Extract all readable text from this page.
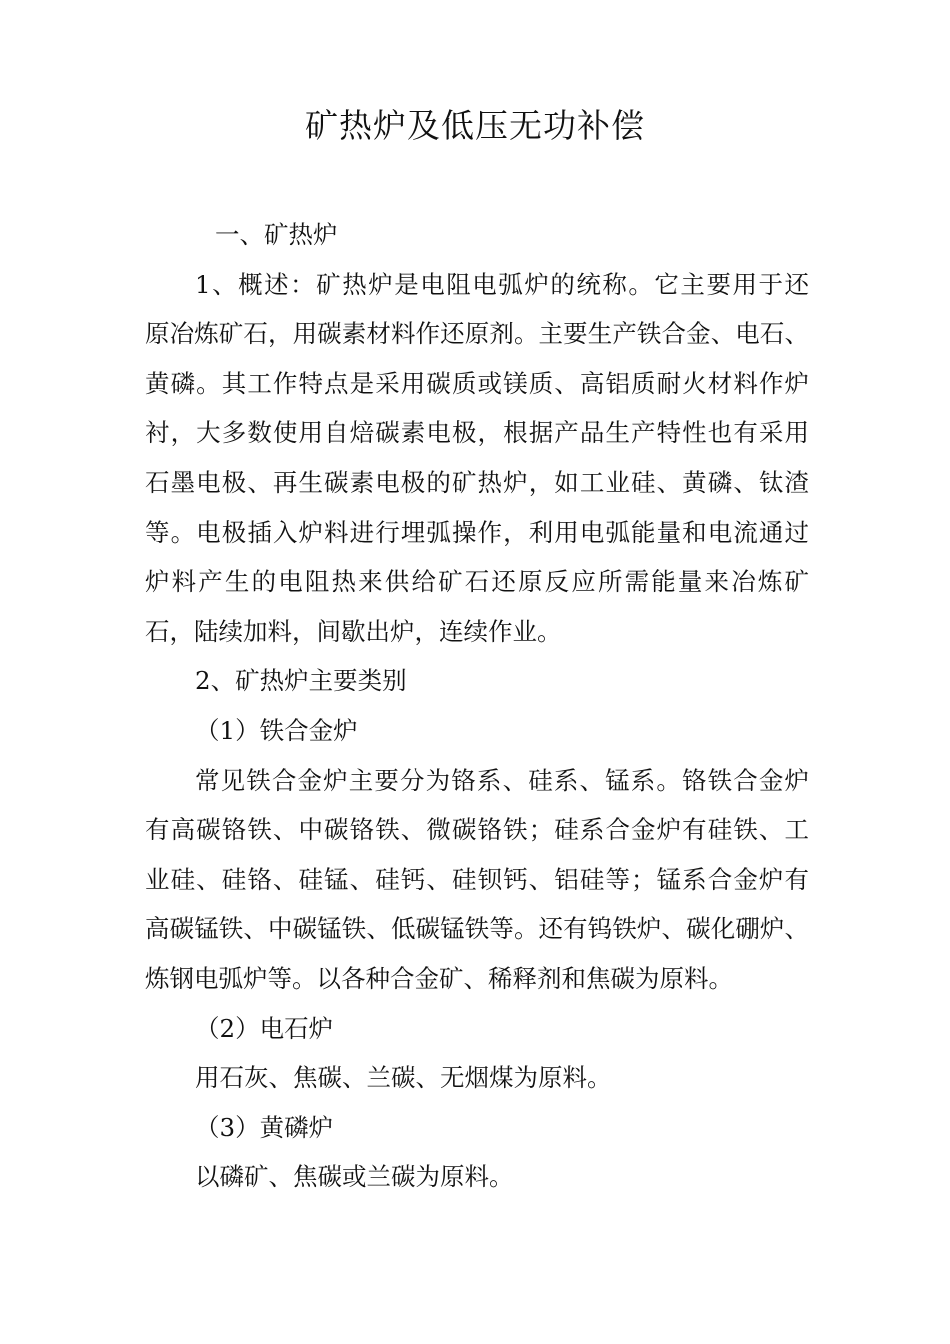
矿热炉及低压无功补偿
一、矿热炉
1、概述：矿热炉是电阻电弧炉的统称。它主要用于还
原冶炼矿石，用碳素材料作还原剂。主要生产铁合金、电石、
黄磷。其工作特点是采用碳质或镁质、高铝质耐火材料作炉
衬，大多数使用自焙碳素电极，根据产品生产特性也有采用
石墨电极、再生碳素电极的矿热炉，如工业硅、黄磷、钛渣
等。电极插入炉料进行埋弧操作，利用电弧能量和电流通过
炉料产生的电阻热来供给矿石还原反应所需能量来冶炼矿
石，陆续加料，间歇出炉，连续作业。
2、矿热炉主要类别
（1）铁合金炉
常见铁合金炉主要分为铬系、硅系、锰系。铬铁合金炉
有高碳铬铁、中碳铬铁、微碳铬铁；硅系合金炉有硅铁、工
业硅、硅铬、硅锰、硅钙、硅钡钙、铝硅等；锰系合金炉有
高碳锰铁、中碳锰铁、低碳锰铁等。还有钨铁炉、碳化硼炉、
炼钢电弧炉等。以各种合金矿、稀释剂和焦碳为原料。
（2）电石炉
用石灰、焦碳、兰碳、无烟煤为原料。
（3）黄磷炉
以磷矿、焦碳或兰碳为原料。
